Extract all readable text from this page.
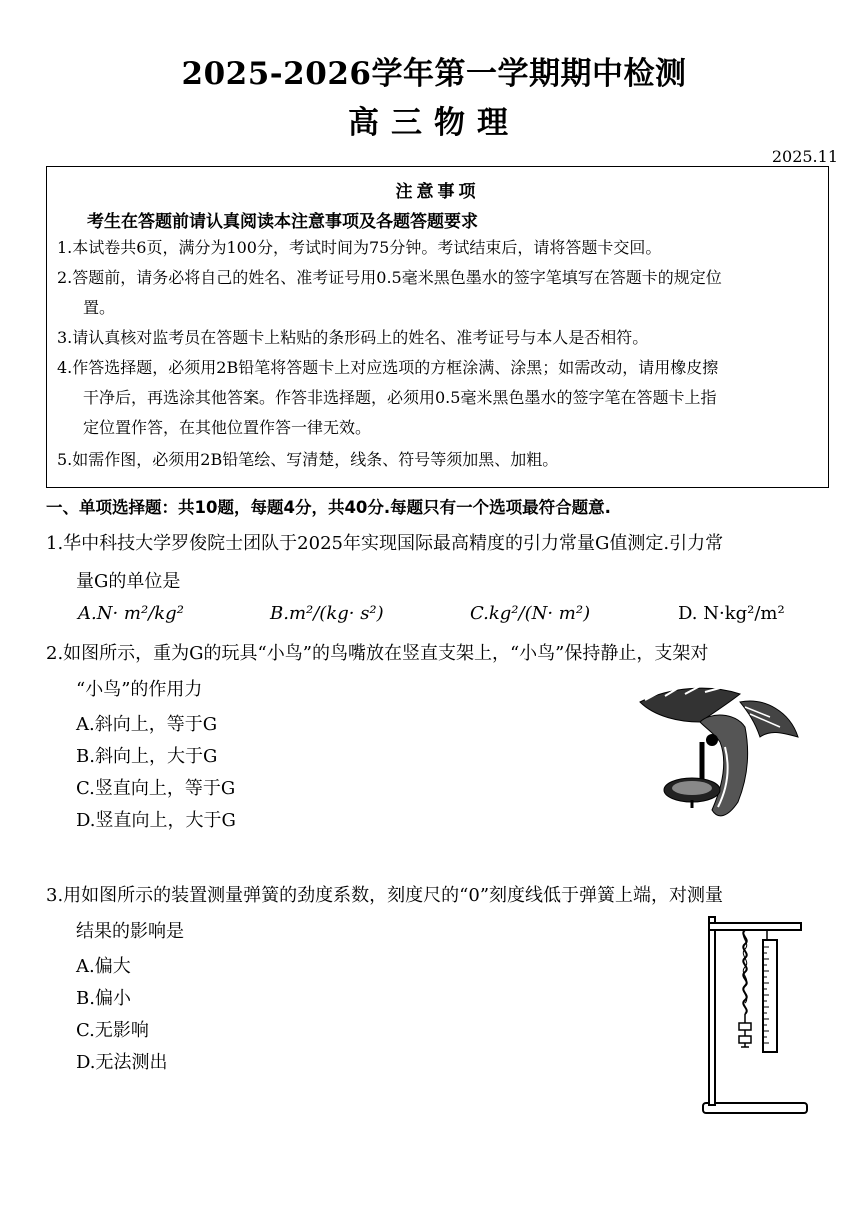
2025-2026学年第一学期期中检测
高三物理
2025.11
注意事项
考生在答题前请认真阅读本注意事项及各题答题要求
1.本试卷共6页，满分为100分，考试时间为75分钟。考试结束后，请将答题卡交回。
2.答题前，请务必将自己的姓名、准考证号用0.5毫米黑色墨水的签字笔填写在答题卡的规定位
置。
3.请认真核对监考员在答题卡上粘贴的条形码上的姓名、准考证号与本人是否相符。
4.作答选择题，必须用2B铅笔将答题卡上对应选项的方框涂满、涂黑；如需改动，请用橡皮擦
干净后，再选涂其他答案。作答非选择题，必须用0.5毫米黑色墨水的签字笔在答题卡上指
定位置作答，在其他位置作答一律无效。
5.如需作图，必须用2B铅笔绘、写清楚，线条、符号等须加黑、加粗。
一、单项选择题：共10题，每题4分，共40分.每题只有一个选项最符合题意.
1.华中科技大学罗俊院士团队于2025年实现国际最高精度的引力常量G值测定.引力常
量G的单位是
A.N· m²/kg²	B.m²/(kg· s²)	C.kg²/(N· m²)	D. N·kg²/m²
2.如图所示，重为G的玩具“小鸟”的鸟嘴放在竖直支架上，“小鸟”保持静止，支架对
“小鸟”的作用力
A.斜向上，等于G
B.斜向上，大于G
C.竖直向上，等于G
D.竖直向上，大于G
3.用如图所示的装置测量弹簧的劲度系数，刻度尺的“0”刻度线低于弹簧上端，对测量
结果的影响是
A.偏大
B.偏小
C.无影响
D.无法测出
